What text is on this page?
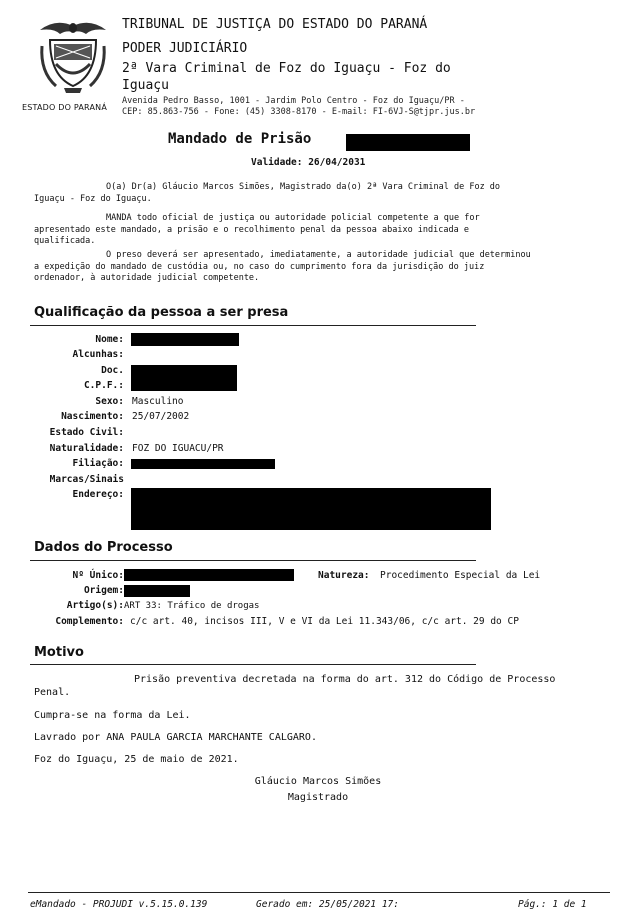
ESTADO DO PARANÁ
TRIBUNAL DE JUSTIÇA DO ESTADO DO PARANÁ
PODER JUDICIÁRIO
2ª Vara Criminal de Foz do Iguaçu - Foz do
Iguaçu
Avenida Pedro Basso, 1001 - Jardim Polo Centro - Foz do Iguaçu/PR -
CEP: 85.863-756 - Fone: (45) 3308-8170 - E-mail: FI-6VJ-S@tjpr.jus.br
Mandado de Prisão
Validade: 26/04/2031
O(a) Dr(a) Gláucio Marcos Simões, Magistrado da(o) 2ª Vara Criminal de Foz do
Iguaçu - Foz do Iguaçu.
MANDA todo oficial de justiça ou autoridade policial competente a que for
apresentado este mandado, a prisão e o recolhimento penal da pessoa abaixo indicada e
qualificada.
O preso deverá ser apresentado, imediatamente, a autoridade judicial que determinou
a expedição do mandado de custódia ou, no caso do cumprimento fora da jurisdição do juiz
ordenador, à autoridade judicial competente.
Qualificação da pessoa a ser presa
Nome:
Alcunhas:
Doc.
C.P.F.:
Sexo: Masculino
Nascimento: 25/07/2002
Estado Civil:
Naturalidade: FOZ DO IGUACU/PR
Filiação:
Marcas/Sinais
Endereço:
Dados do Processo
Nº Único:	Natureza: Procedimento Especial da Lei
Origem:
Artigo(s): ART 33: Tráfico de drogas
Complemento: c/c art. 40, incisos III, V e VI da Lei 11.343/06, c/c art. 29 do CP
Motivo
Prisão preventiva decretada na forma do art. 312 do Código de Processo
Penal.
Cumpra-se na forma da Lei.
Lavrado por ANA PAULA GARCIA MARCHANTE CALGARO.
Foz do Iguaçu, 25 de maio de 2021.
Gláucio Marcos Simões
Magistrado
eMandado - PROJUDI v.5.15.0.139	Gerado em: 25/05/2021 17:	Pág.: 1 de 1
